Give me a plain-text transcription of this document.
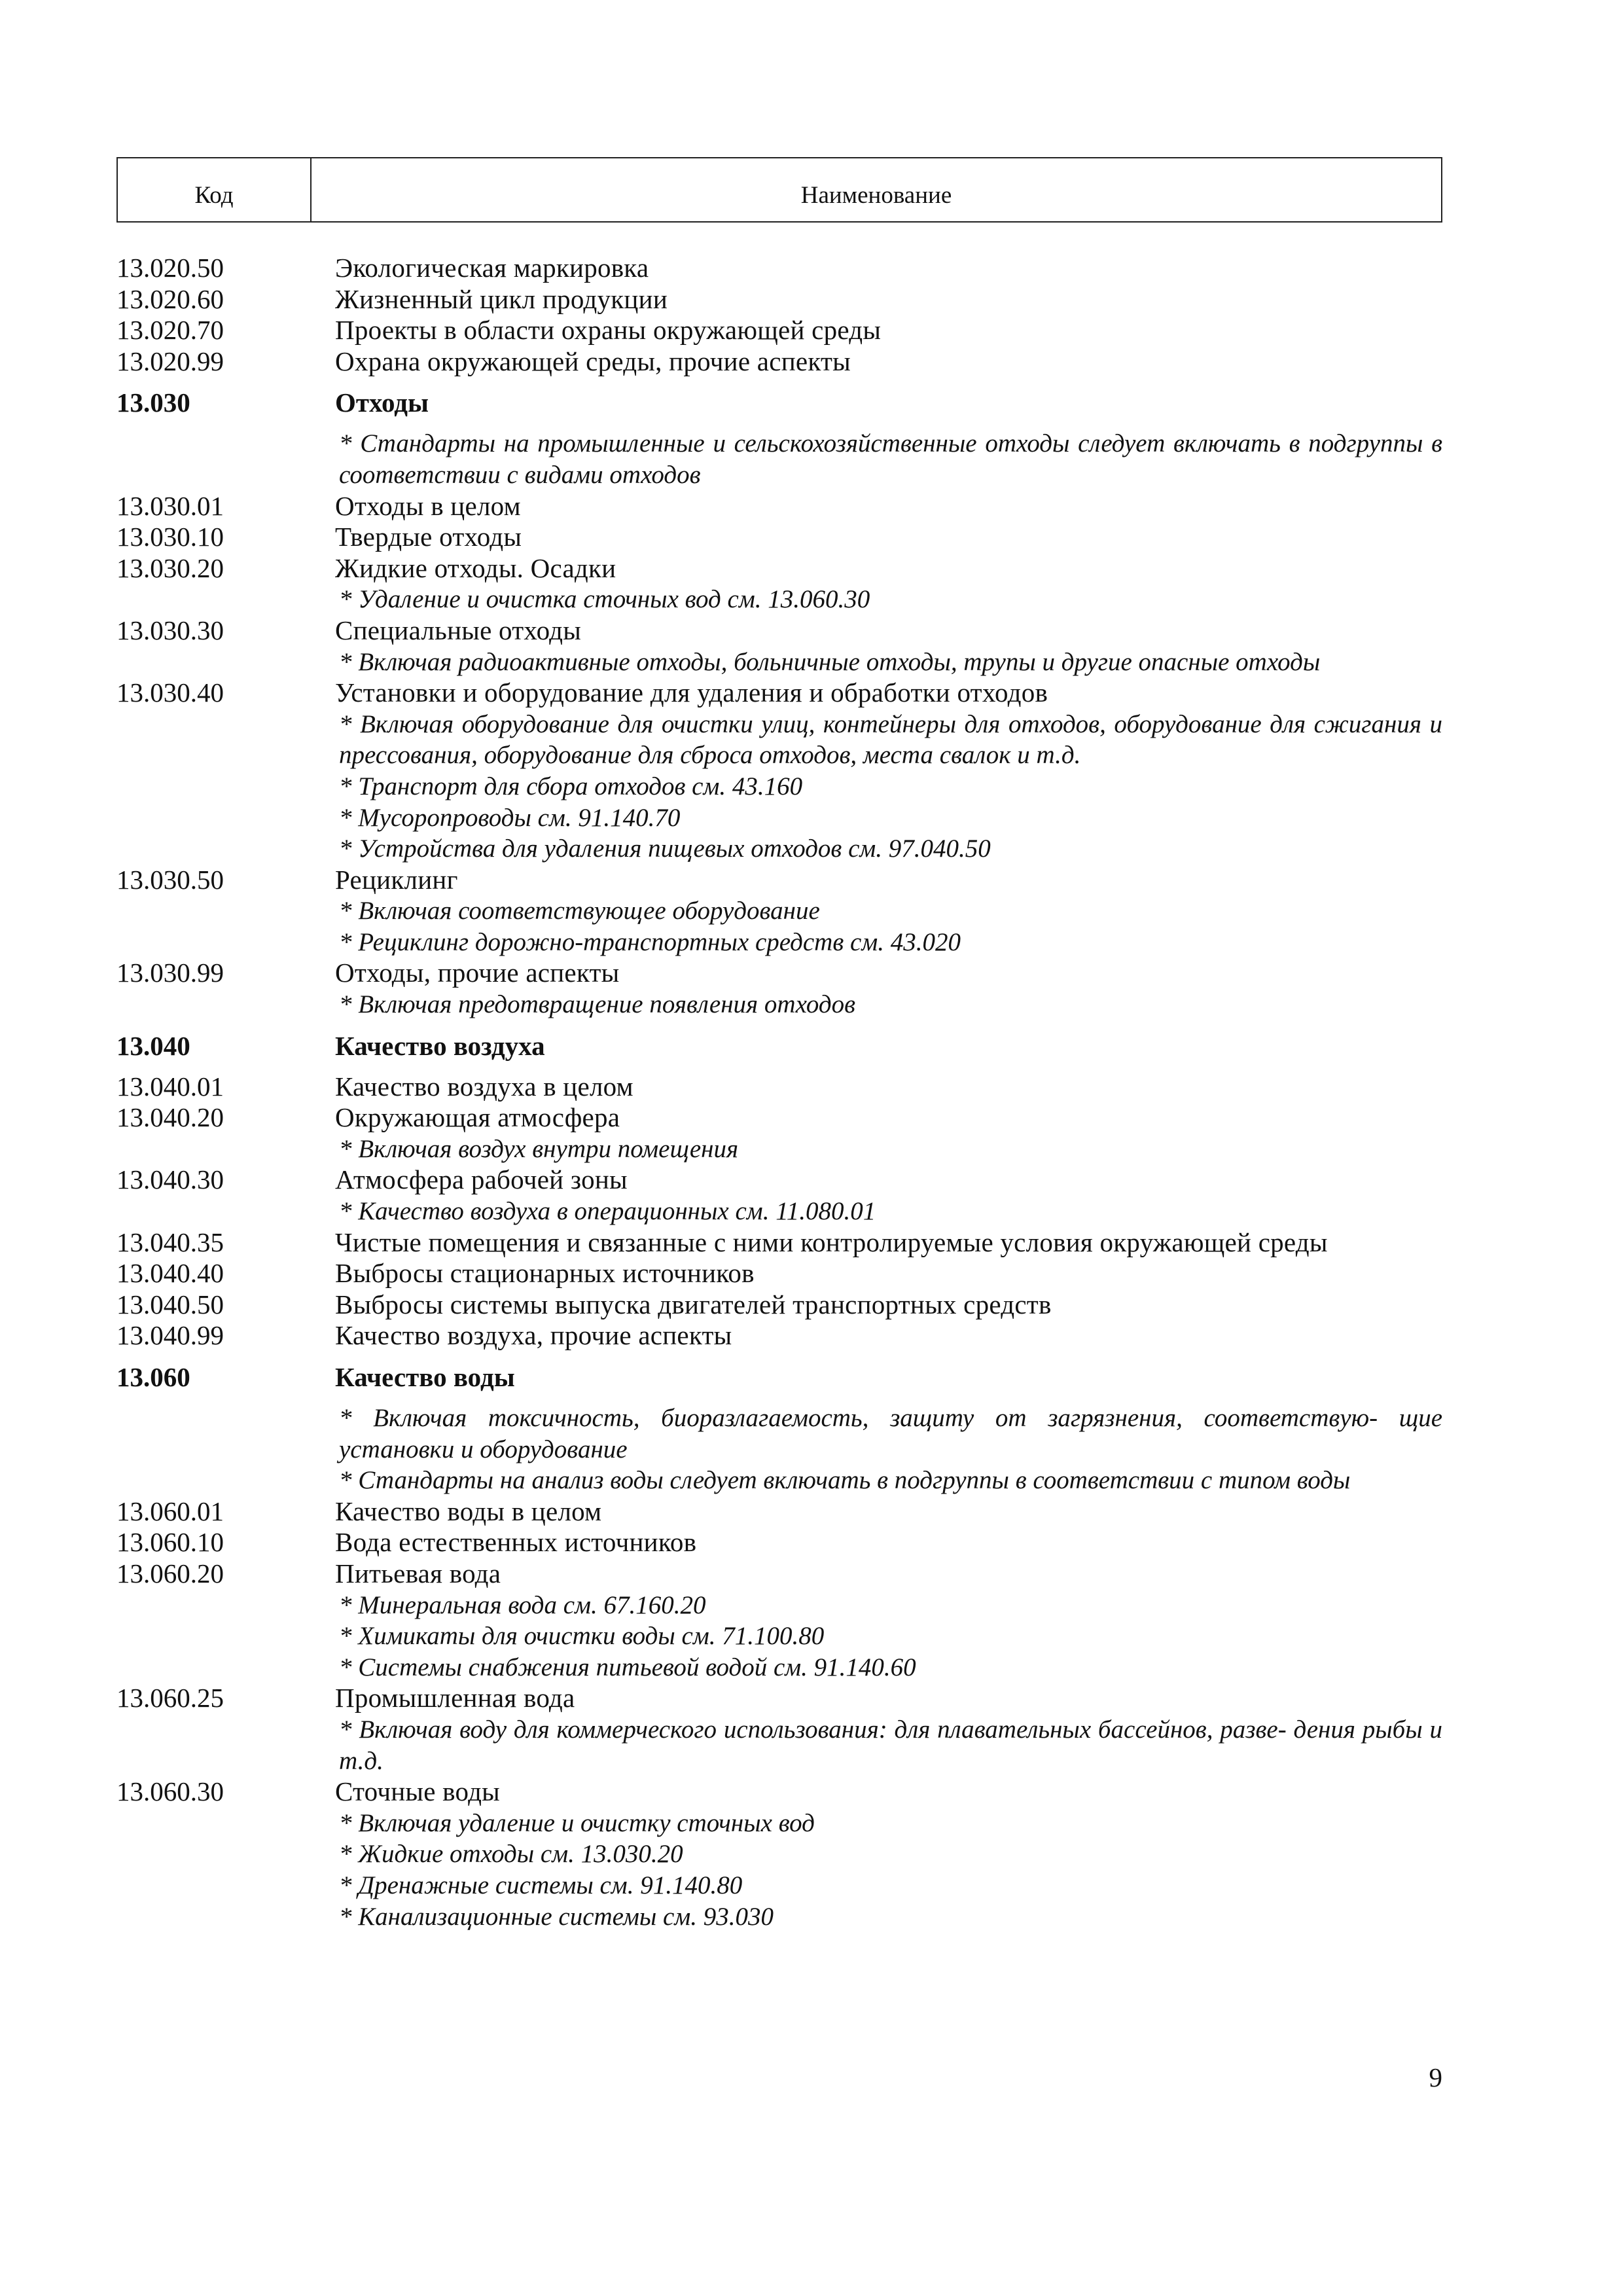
Код	Наименование
13.020.50	Экологическая маркировка
13.020.60	Жизненный цикл продукции
13.020.70	Проекты в области охраны окружающей среды
13.020.99	Охрана окружающей среды, прочие аспекты
13.030	Отходы
* Стандарты на промышленные и сельскохозяйственные отходы следует включать в подгруппы в соответствии с видами отходов
13.030.01	Отходы в целом
13.030.10	Твердые отходы
13.030.20	Жидкие отходы. Осадки
* Удаление и очистка сточных вод см. 13.060.30
13.030.30	Специальные отходы
* Включая радиоактивные отходы, больничные отходы, трупы и другие опасные отходы
13.030.40	Установки и оборудование для удаления и обработки отходов
* Включая оборудование для очистки улиц, контейнеры для отходов, оборудование для сжигания и прессования, оборудование для сброса отходов, места свалок и т.д.
* Транспорт для сбора отходов см. 43.160
* Мусоропроводы см. 91.140.70
* Устройства для удаления пищевых отходов см. 97.040.50
13.030.50	Рециклинг
* Включая соответствующее оборудование
* Рециклинг дорожно-транспортных средств см. 43.020
13.030.99	Отходы, прочие аспекты
* Включая предотвращение появления отходов
13.040	Качество воздуха
13.040.01	Качество воздуха в целом
13.040.20	Окружающая атмосфера
* Включая воздух внутри помещения
13.040.30	Атмосфера рабочей зоны
* Качество воздуха в операционных см. 11.080.01
13.040.35	Чистые помещения и связанные с ними контролируемые условия окружающей среды
13.040.40	Выбросы стационарных источников
13.040.50	Выбросы системы выпуска двигателей транспортных средств
13.040.99	Качество воздуха, прочие аспекты
13.060	Качество воды
* Включая токсичность, биоразлагаемость, защиту от загрязнения, соответствую- щие установки и оборудование
* Стандарты на анализ воды следует включать в подгруппы в соответствии с типом воды
13.060.01	Качество воды в целом
13.060.10	Вода естественных источников
13.060.20	Питьевая вода
* Минеральная вода см. 67.160.20
* Химикаты для очистки воды см. 71.100.80
* Системы снабжения питьевой водой см. 91.140.60
13.060.25	Промышленная вода
* Включая воду для коммерческого использования: для плавательных бассейнов, разве- дения рыбы и т.д.
13.060.30	Сточные воды
* Включая удаление и очистку сточных вод
* Жидкие отходы см. 13.030.20
* Дренажные системы см. 91.140.80
* Канализационные системы см. 93.030
9
